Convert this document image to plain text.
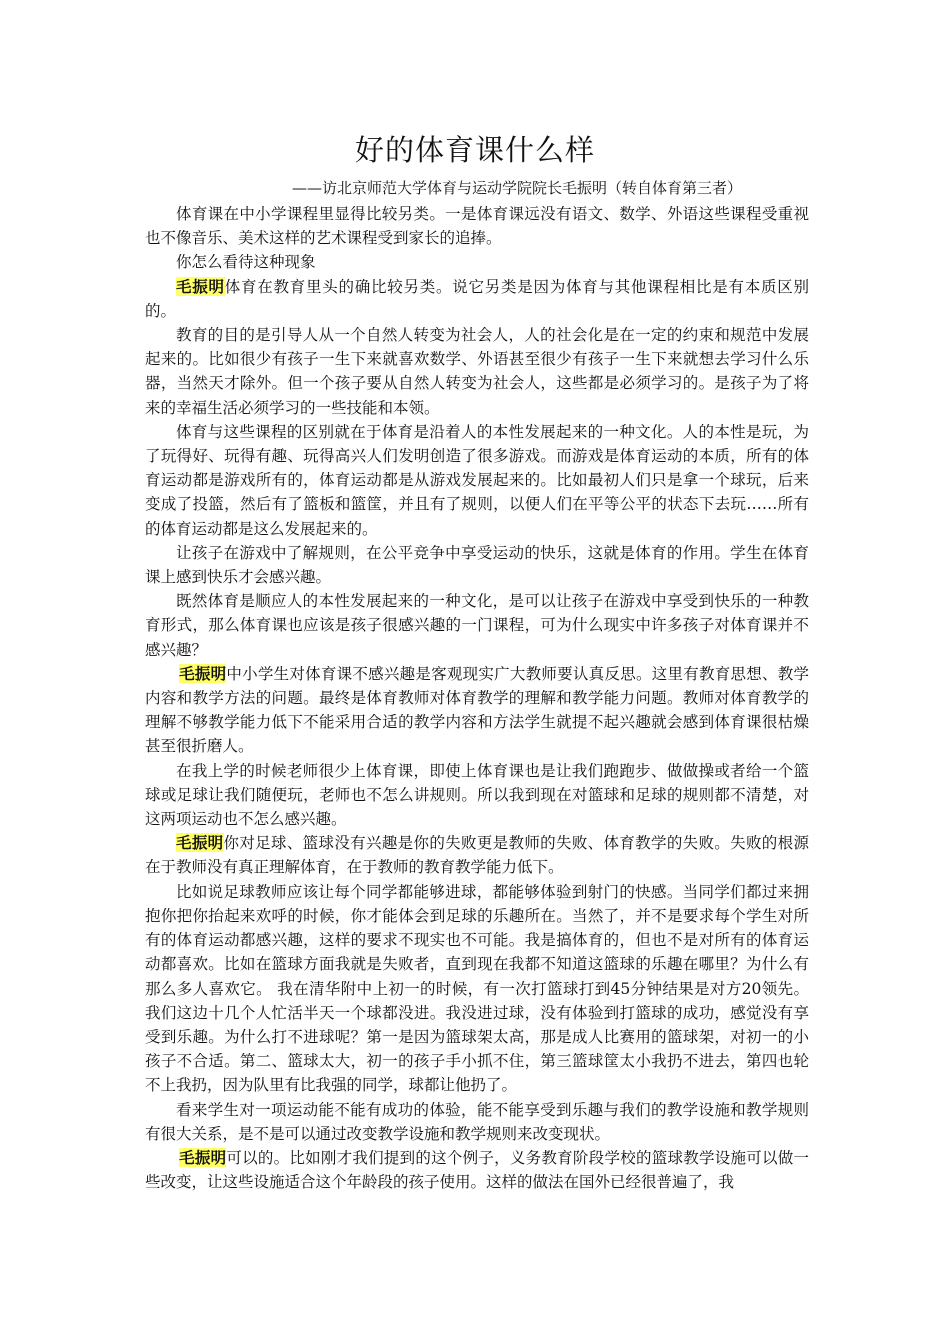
好的体育课什么样
——访北京师范大学体育与运动学院院长毛振明（转自体育第三者）

体育课在中小学课程里显得比较另类。一是体育课远没有语文、数学、外语这些课程受重视也不像音乐、美术这样的艺术课程受到家长的追捧。

你怎么看待这种现象

毛振明体育在教育里头的确比较另类。说它另类是因为体育与其他课程相比是有本质区别的。

教育的目的是引导人从一个自然人转变为社会人，人的社会化是在一定的约束和规范中发展起来的。比如很少有孩子一生下来就喜欢数学、外语甚至很少有孩子一生下来就想去学习什么乐器，当然天才除外。但一个孩子要从自然人转变为社会人，这些都是必须学习的。是孩子为了将来的幸福生活必须学习的一些技能和本领。

体育与这些课程的区别就在于体育是沿着人的本性发展起来的一种文化。人的本性是玩，为了玩得好、玩得有趣、玩得高兴人们发明创造了很多游戏。而游戏是体育运动的本质，所有的体育运动都是游戏所有的，体育运动都是从游戏发展起来的。比如最初人们只是拿一个球玩，后来变成了投篮，然后有了篮板和篮筐，并且有了规则，以便人们在平等公平的状态下去玩……所有的体育运动都是这么发展起来的。

让孩子在游戏中了解规则，在公平竞争中享受运动的快乐，这就是体育的作用。学生在体育课上感到快乐才会感兴趣。

既然体育是顺应人的本性发展起来的一种文化，是可以让孩子在游戏中享受到快乐的一种教育形式，那么体育课也应该是孩子很感兴趣的一门课程，可为什么现实中许多孩子对体育课并不感兴趣？

毛振明中小学生对体育课不感兴趣是客观现实广大教师要认真反思。这里有教育思想、教学内容和教学方法的问题。最终是体育教师对体育教学的理解和教学能力问题。教师对体育教学的理解不够教学能力低下不能采用合适的教学内容和方法学生就提不起兴趣就会感到体育课很枯燥甚至很折磨人。

在我上学的时候老师很少上体育课，即使上体育课也是让我们跑跑步、做做操或者给一个篮球或足球让我们随便玩，老师也不怎么讲规则。所以我到现在对篮球和足球的规则都不清楚，对这两项运动也不怎么感兴趣。

毛振明你对足球、篮球没有兴趣是你的失败更是教师的失败、体育教学的失败。失败的根源在于教师没有真正理解体育，在于教师的教育教学能力低下。

比如说足球教师应该让每个同学都能够进球，都能够体验到射门的快感。当同学们都过来拥抱你把你抬起来欢呼的时候，你才能体会到足球的乐趣所在。当然了，并不是要求每个学生对所有的体育运动都感兴趣，这样的要求不现实也不可能。我是搞体育的，但也不是对所有的体育运动都喜欢。比如在篮球方面我就是失败者，直到现在我都不知道这篮球的乐趣在哪里？为什么有那么多人喜欢它。 我在清华附中上初一的时候，有一次打篮球打到45分钟结果是对方20领先。我们这边十几个人忙活半天一个球都没进。我没进过球，没有体验到打篮球的成功，感觉没有享受到乐趣。为什么打不进球呢？第一是因为篮球架太高，那是成人比赛用的篮球架，对初一的小孩子不合适。第二、篮球太大，初一的孩子手小抓不住，第三篮球筐太小我扔不进去，第四也轮不上我扔，因为队里有比我强的同学，球都让他扔了。

看来学生对一项运动能不能有成功的体验，能不能享受到乐趣与我们的教学设施和教学规则有很大关系，是不是可以通过改变教学设施和教学规则来改变现状。

毛振明可以的。比如刚才我们提到的这个例子，义务教育阶段学校的篮球教学设施可以做一些改变，让这些设施适合这个年龄段的孩子使用。这样的做法在国外已经很普遍了，我
